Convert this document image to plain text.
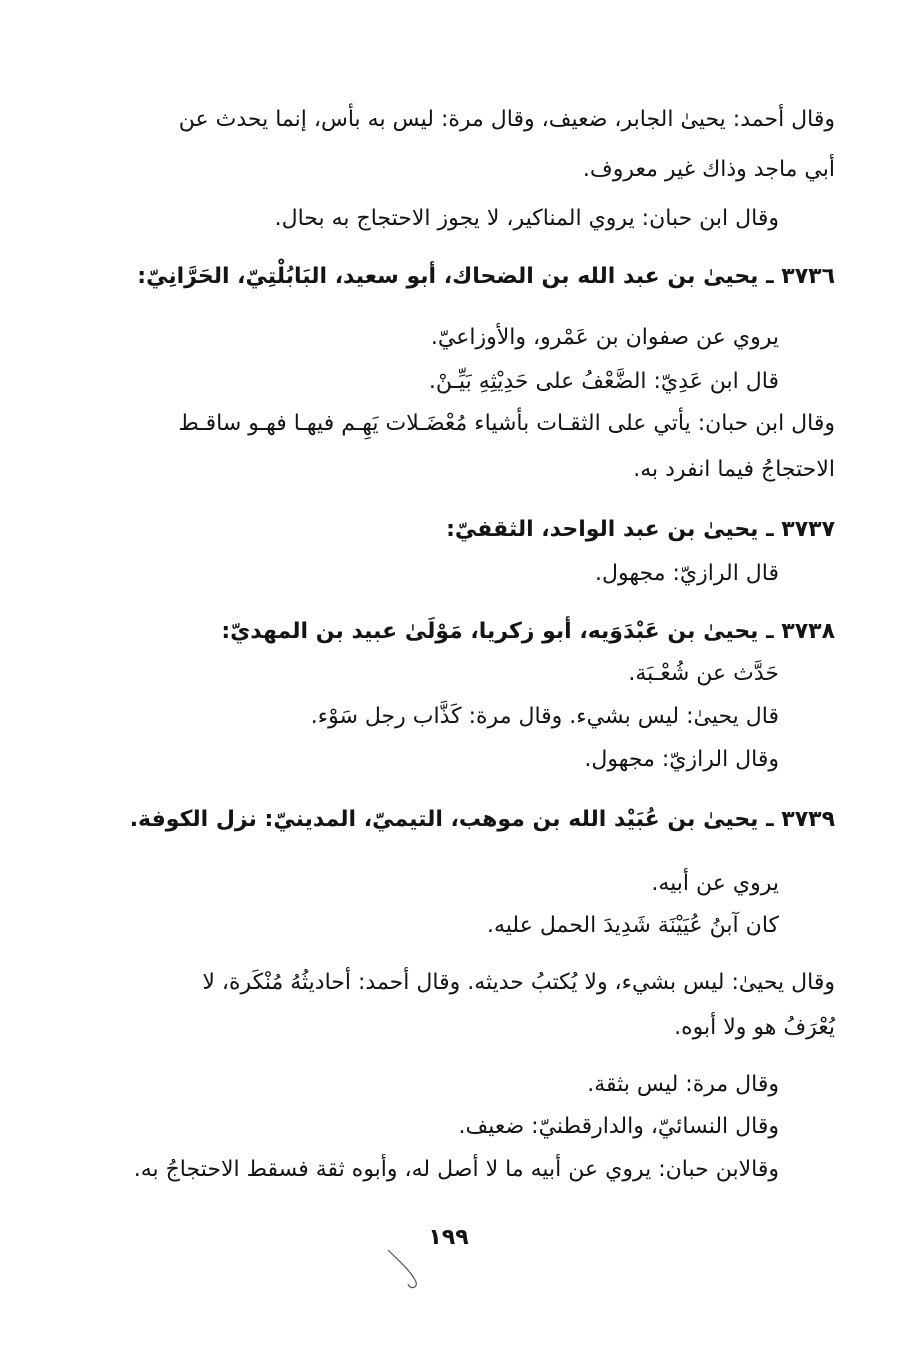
وقال أحمد: يحيىٰ الجابر، ضعيف، وقال مرة: ليس به بأس، إنما يحدث عن

أبي ماجد وذاك غير معروف.

وقال ابن حبان: يروي المناكير، لا يجوز الاحتجاج به بحال.

٣٧٣٦ ـ يحيىٰ بن عبد الله بن الضحاك، أبو سعيد، البَابُلْتِيّ، الحَرَّانِيّ:

يروي عن صفوان بن عَمْرو، والأوزاعيّ.

قال ابن عَدِيّ: الضَّعْفُ على حَدِيْثِهِ بَيِّـنْ.

وقال ابن حبان: يأتي على الثقـات بأشياء مُعْضَـلات يَهِـم فيهـا فهـو ساقـط

الاحتجاجُ فيما انفرد به.

٣٧٣٧ ـ يحيىٰ بن عبد الواحد، الثقفيّ:

قال الرازيّ: مجهول.

٣٧٣٨ ـ يحيىٰ بن عَبْدَوَيه، أبو زكريا، مَوْلَىٰ عبيد بن المهديّ:

حَدَّث عن شُعْـبَة.

قال يحيىٰ: ليس بشيء. وقال مرة: كَذَّاب رجل سَوْء.

وقال الرازيّ: مجهول.

٣٧٣٩ ـ يحيىٰ بن عُبَيْد الله بن موهب، التيميّ، المدينيّ: نزل الكوفة.

يروي عن أبيه.

كان آبنُ عُيَيْنَة شَدِيدَ الحمل عليه.

وقال يحيىٰ: ليس بشيء، ولا يُكتبُ حديثه. وقال أحمد: أحاديثُهُ مُنْكَرة، لا

يُعْرَفُ هو ولا أبوه.

وقال مرة: ليس بثقة.

وقال النسائيّ، والدارقطنيّ: ضعيف.

وقالابن حبان: يروي عن أبيه ما لا أصل له، وأبوه ثقة فسقط الاحتجاجُ به.

١٩٩
